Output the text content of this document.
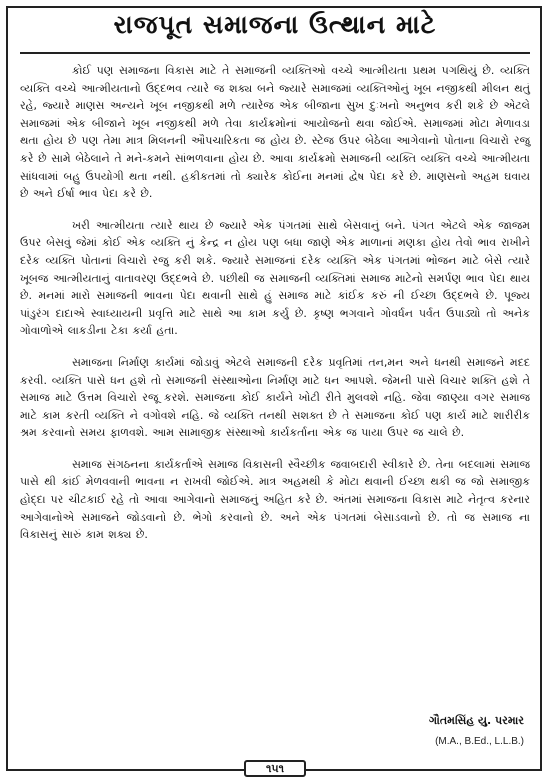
રાજપૂત સમાજના ઉત્થાન માટે

કોઈ પણ સમાજના વિકાસ માટે તે સમાજની વ્યક્તિઓ વચ્ચે આત્મીયતા પ્રથમ પગથિયું છે. વ્યક્તિ વ્યક્તિ વચ્ચે આત્મીયતાનો ઉદ્દભવ ત્યારે જ શક્ય બને જ્યારે સમાજમાં વ્યક્તિઓનું ખૂબ નજીકથી મીલન થતું રહે, જ્યારે માણસ અન્યને ખૂબ નજીકથી મળે ત્યારેજ એક બીજાના સુખ દુઃખનો અનુભવ કરી શકે છે એટલે સમાજમાં એક બીજાને ખૂબ નજીકથી મળે તેવા કાર્યક્રમોનાં આયોજનો થવા જોઈએ. સમાજમાં મોટા મેળાવડા થતા હોય છે પણ તેમા માત્ર મિલનની ઔપચારિકતા જ હોય છે. સ્ટેજ ઉપર બેઠેલા આગેવાનો પોતાના વિચારો રજુ કરે છે સામે બેઠેલાને તે મને-કમને સાંભળવાના હોય છે. આવા કાર્યક્રમો સમાજની વ્યક્તિ વ્યક્તિ વચ્ચે આત્મીયતા સાંધવામાં બહુ ઉપયોગી થતા નથી. હકીકતમાં તો ક્યારેક કોઈના મનમાં દ્વેષ પેદા કરે છે. માણસનો અહમ ઘવાય છે અને ઈર્ષા ભાવ પેદા કરે છે.

ખરી આત્મીયતા ત્યારે થાય છે જ્યારે એક પંગતમાં સાથે બેસવાનું બને. પંગત એટલે એક જાજમ ઉપર બેસવું જેમાં કોઈ એક વ્યક્તિ નું કેન્દ્ર ન હોય પણ બધા જાણે એક માળાનાં મણકા હોય તેવો ભાવ રાખીને દરેક વ્યક્તિ પોતાનાં વિચારો રજુ કરી શકે. જ્યારે સમાજનાં દરેક વ્યક્તિ એક પંગતમાં ભોજન માટે બેસે ત્યારે ખૂબજ આત્મીયતાનું વાતાવરણ ઉદ્દભવે છે. પછીથી જ સમાજની વ્યક્તિમાં સમાજ માટેનો સમર્પણ ભાવ પેદા થાય છે. મનમાં મારો સમાજની ભાવના પેદા થવાની સાથે હું સમાજ માટે કાંઈક કરું ની ઈચ્છા ઉદ્દભવે છે. પૂજ્ય પાંડુરંગ દાદાએ સ્વાધ્યાયની પ્રવૃત્તિ માટે સાથે આ કામ કર્યુ છે. કૃષ્ણ ભગવાને ગોવર્ધન પર્વત ઉપાડ્યો તો અનેક ગોવાળોએ લાકડીના ટેકા કર્યા હતા.

સમાજના નિર્માણ કાર્યમાં જોડાવું એટલે સમાજની દરેક પ્રવૃતિમાં તન,મન અને ધનથી સમાજને મદદ કરવી. વ્યક્તિ પાસે ધન હશે તો સમાજની સંસ્થાઓના નિર્માણ માટે ધન આપશે. જેમની પાસે વિચાર શક્તિ હશે તે સમાજ માટે ઉત્તમ વિચારો રજૂ કરશે. સમાજના કોઈ કાર્યને ખોટી રીતે મુલવશે નહિ. જેવા જાણ્યા વગર સમાજ માટે કામ કરતી વ્યક્તિ ને વગોવશે નહિ. જે વ્યક્તિ તનથી સશક્ત છે તે સમાજના કોઈ પણ કાર્ય માટે શારીરીક શ્રમ કરવાનો સમય ફાળવશે. આમ સામાજીક સંસ્થાઓ કાર્યકર્તાના એક જ પાયા ઉપર જ ચાલે છે.

સમાજ સંગઠનના કાર્યકર્તાએ સમાજ વિકાસની સ્વૈચ્છીક જવાબદારી સ્વીકારે છે. તેના બદલામાં સમાજ પાસે થી કાંઈ મેળવવાની ભાવના ન રાખવી જોઈએ. માત્ર અહમથી કે મોટા થવાની ઈચ્છા થકી જ જો સમાજીક હોદ્દા પર ચીટકાઈ રહે તો આવા આગેવાનો સમાજનું અહિત કરે છે. અંતમાં સમાજના વિકાસ માટે નેતૃત્વ કરનાર આગેવાનોએ સમાજને જોડવાનો છે. ભેગો કરવાનો છે. અને એક પંગતમાં બેસાડવાનો છે. તો જ સમાજ ના વિકાસનું સારું કામ શક્ય છે.

ગૌતમસિંહ યુ. પરમાર
(M.A., B.Ed., L.L.B.)
૧૫૧
